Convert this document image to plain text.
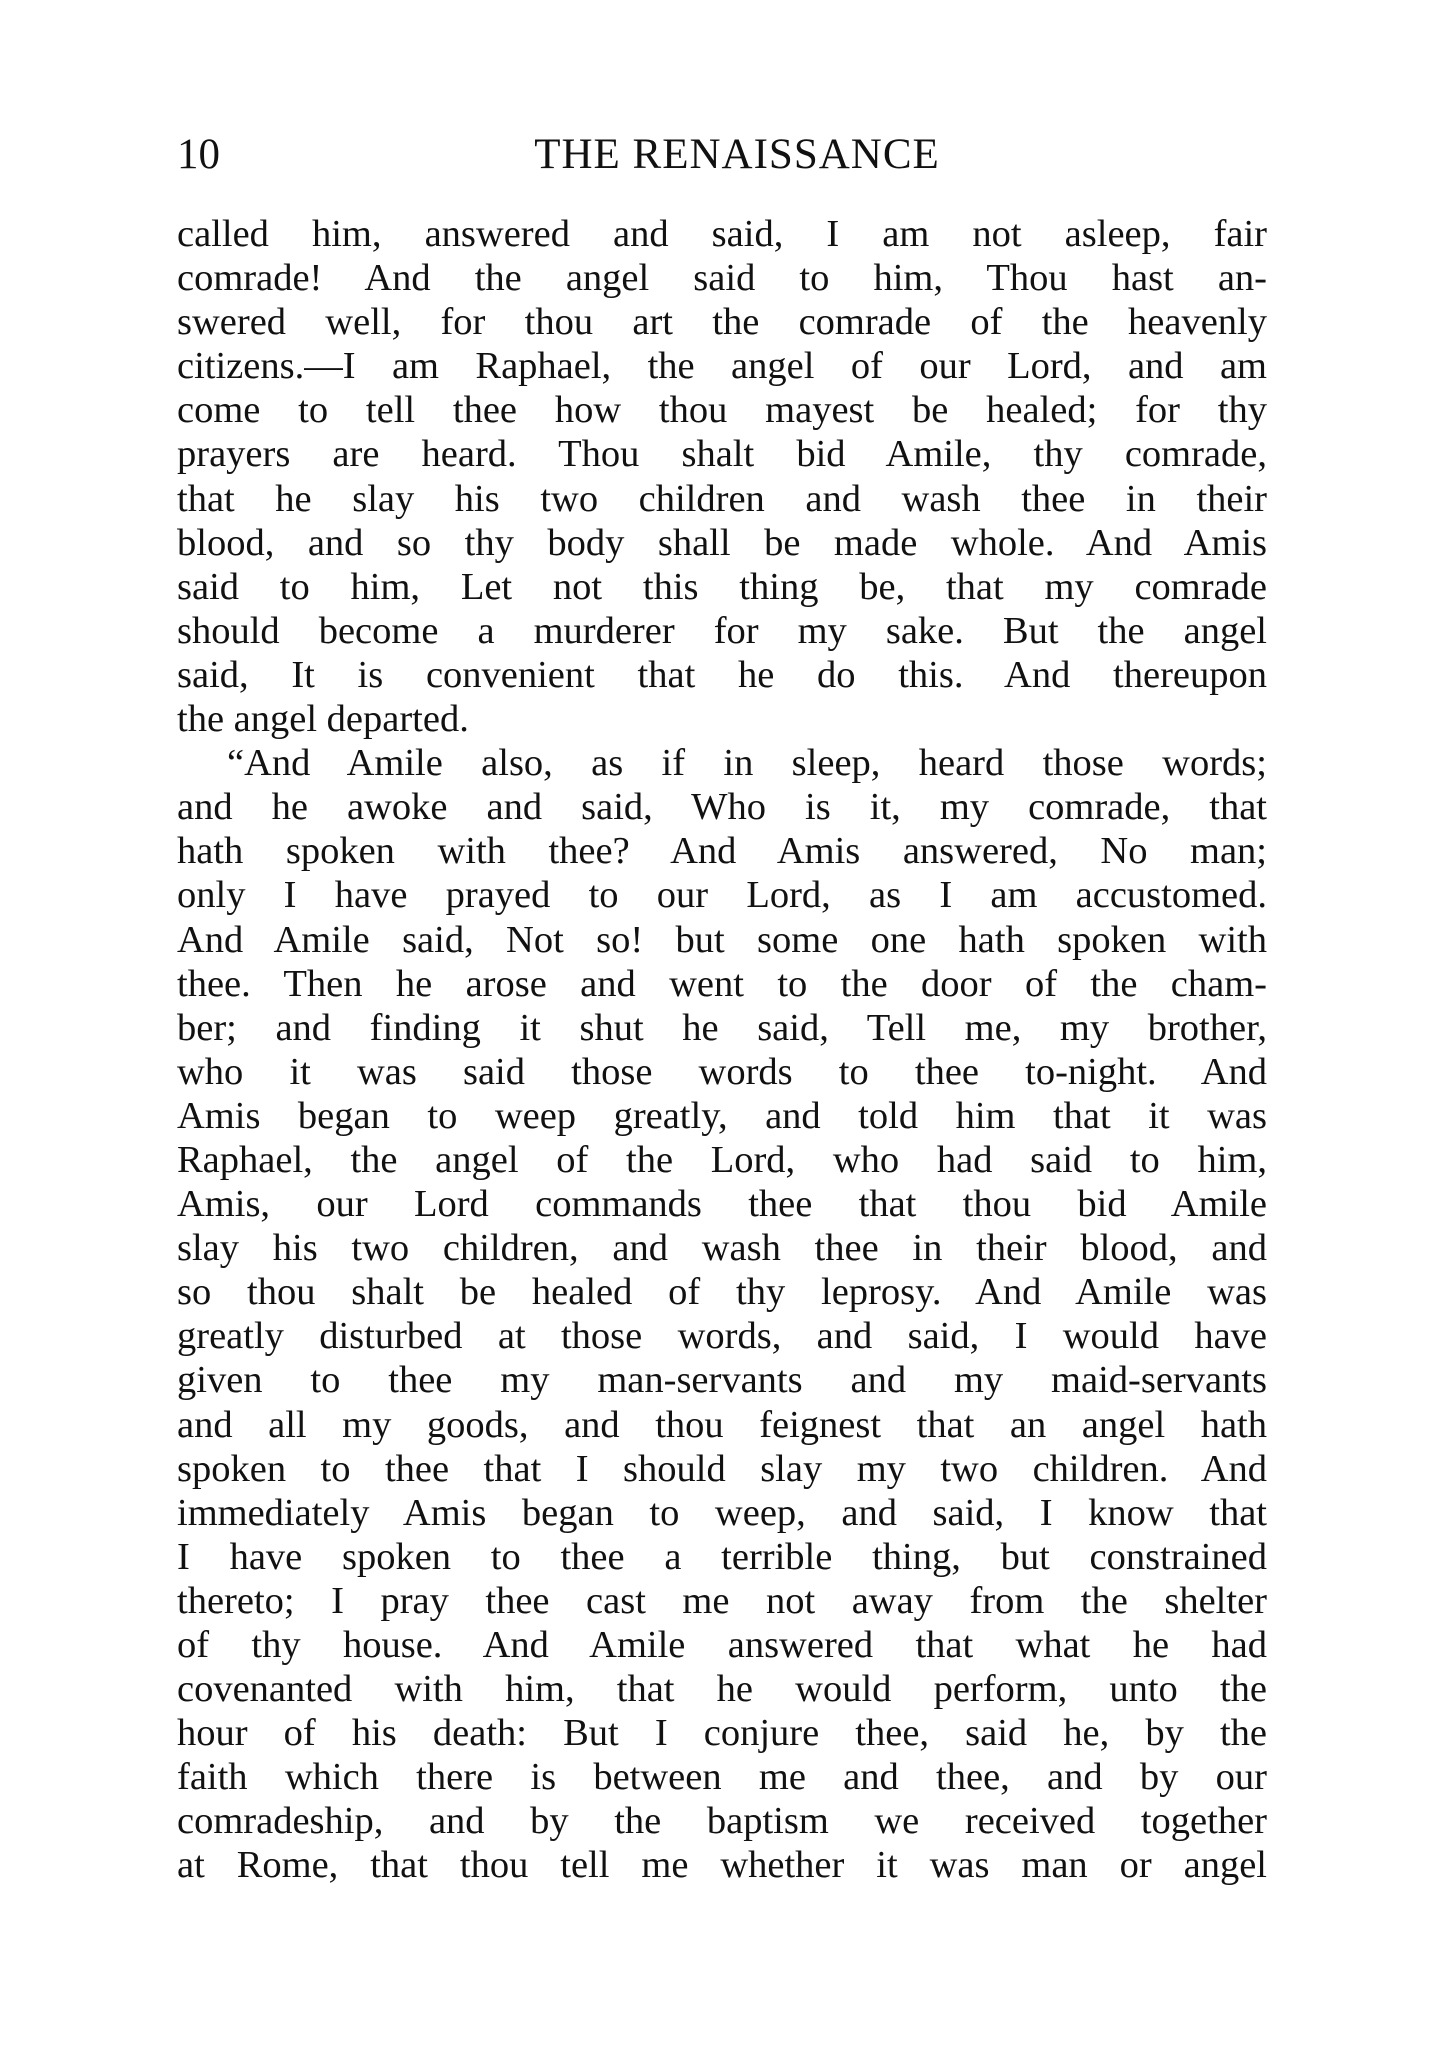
10	THE RENAISSANCE
called him, answered and said, I am not asleep, fair
comrade! And the angel said to him, Thou hast an-
swered well, for thou art the comrade of the heavenly
citizens.—I am Raphael, the angel of our Lord, and am
come to tell thee how thou mayest be healed; for thy
prayers are heard. Thou shalt bid Amile, thy comrade,
that he slay his two children and wash thee in their
blood, and so thy body shall be made whole. And Amis
said to him, Let not this thing be, that my comrade
should become a murderer for my sake. But the angel
said, It is convenient that he do this. And thereupon
the angel departed.
“And Amile also, as if in sleep, heard those words;
and he awoke and said, Who is it, my comrade, that
hath spoken with thee? And Amis answered, No man;
only I have prayed to our Lord, as I am accustomed.
And Amile said, Not so! but some one hath spoken with
thee. Then he arose and went to the door of the cham-
ber; and finding it shut he said, Tell me, my brother,
who it was said those words to thee to-night. And
Amis began to weep greatly, and told him that it was
Raphael, the angel of the Lord, who had said to him,
Amis, our Lord commands thee that thou bid Amile
slay his two children, and wash thee in their blood, and
so thou shalt be healed of thy leprosy. And Amile was
greatly disturbed at those words, and said, I would have
given to thee my man-servants and my maid-servants
and all my goods, and thou feignest that an angel hath
spoken to thee that I should slay my two children. And
immediately Amis began to weep, and said, I know that
I have spoken to thee a terrible thing, but constrained
thereto; I pray thee cast me not away from the shelter
of thy house. And Amile answered that what he had
covenanted with him, that he would perform, unto the
hour of his death: But I conjure thee, said he, by the
faith which there is between me and thee, and by our
comradeship, and by the baptism we received together
at Rome, that thou tell me whether it was man or angel
